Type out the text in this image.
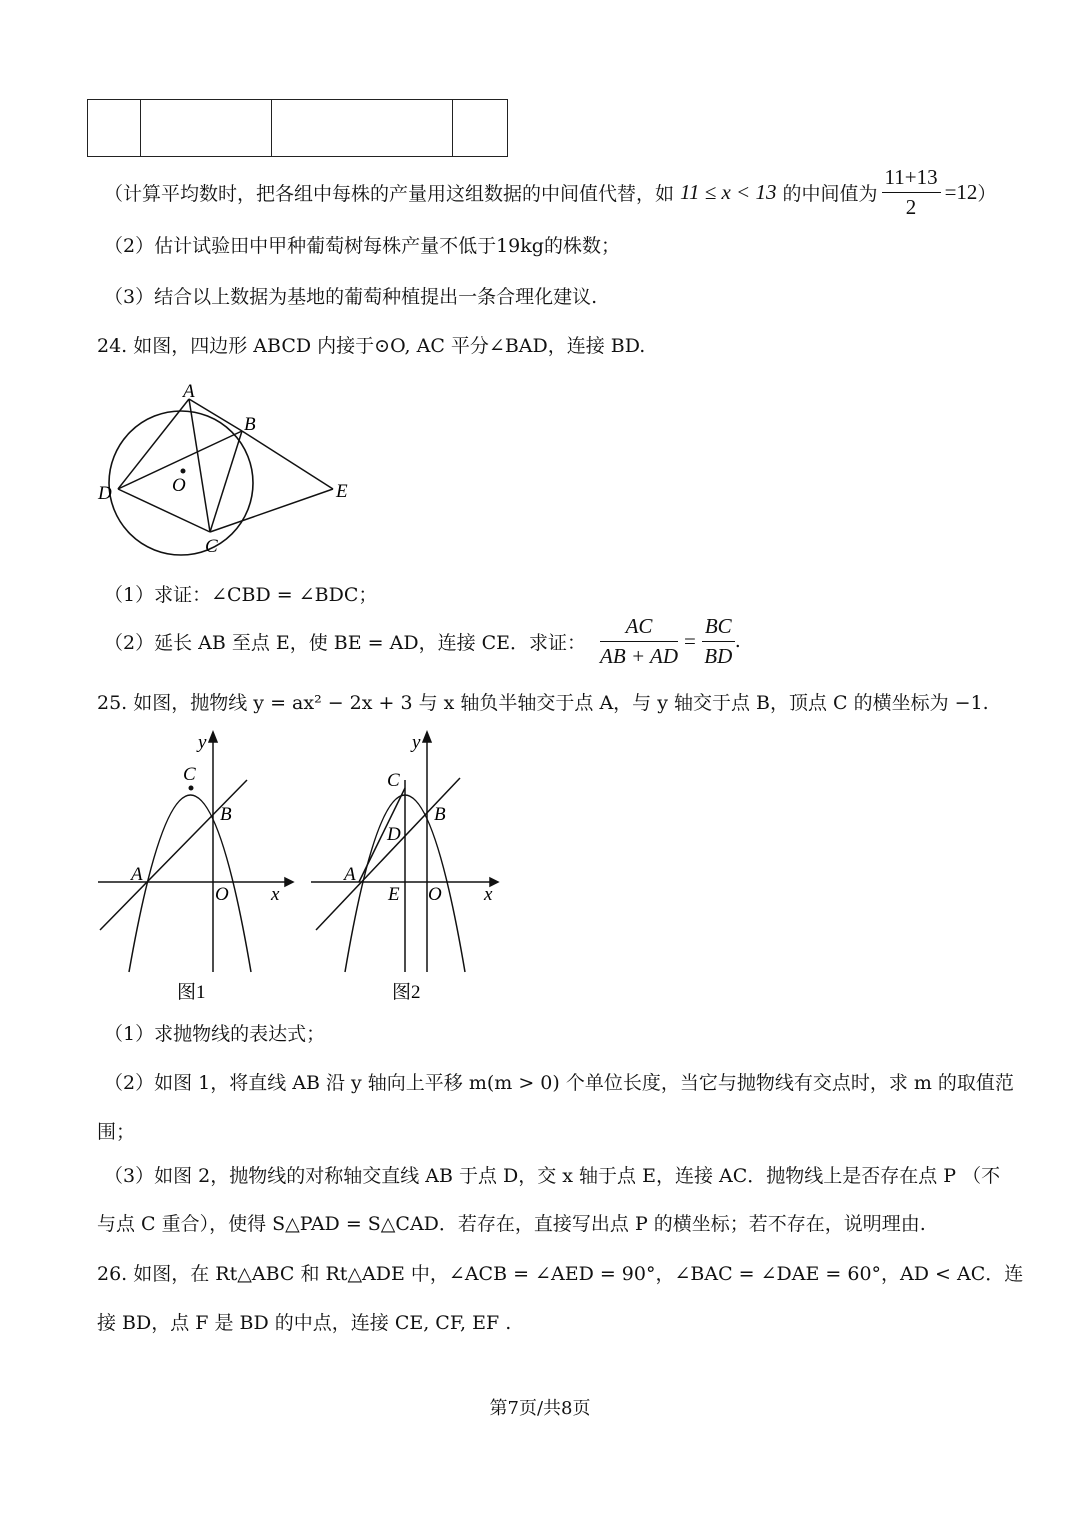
（计算平均数时，把各组中每株的产量用这组数据的中间值代替，如 11 ≤ x < 13 的中间值为 $\frac{11+13}{2} =12$ ）
（2）估计试验田中甲种葡萄树每株产量不低于19kg的株数；
（3）结合以上数据为基地的葡萄种植提出一条合理化建议.
24. 如图，四边形 ABCD 内接于⊙O, AC 平分∠BAD，连接 BD.
A
B
C
D	E
O
（1）求证：∠CBD = ∠BDC；
（2）延长 AB 至点 E，使 BE = AD，连接 CE．求证： $\frac{AC}{AB + AD} = \frac{BC}{BD}$ .
25. 如图，抛物线 y = ax² − 2x + 3 与 x 轴负半轴交于点 A，与 y 轴交于点 B，顶点 C 的横坐标为 −1.
y
x
A
B
C
O
图1
y
x
A
B
C
D
E O
图2
（1）求抛物线的表达式；
（2）如图 1，将直线 AB 沿 y 轴向上平移 m(m > 0) 个单位长度，当它与抛物线有交点时，求 m 的取值范
围；
（3）如图 2，抛物线的对称轴交直线 AB 于点 D，交 x 轴于点 E，连接 AC．抛物线上是否存在点 P （不
与点 C 重合），使得 S△PAD = S△CAD．若存在，直接写出点 P 的横坐标；若不存在，说明理由.
26. 如图，在 Rt△ABC 和 Rt△ADE 中，∠ACB = ∠AED = 90°，∠BAC = ∠DAE = 60°，AD < AC．连
接 BD，点 F 是 BD 的中点，连接 CE, CF, EF .
第7页/共8页
